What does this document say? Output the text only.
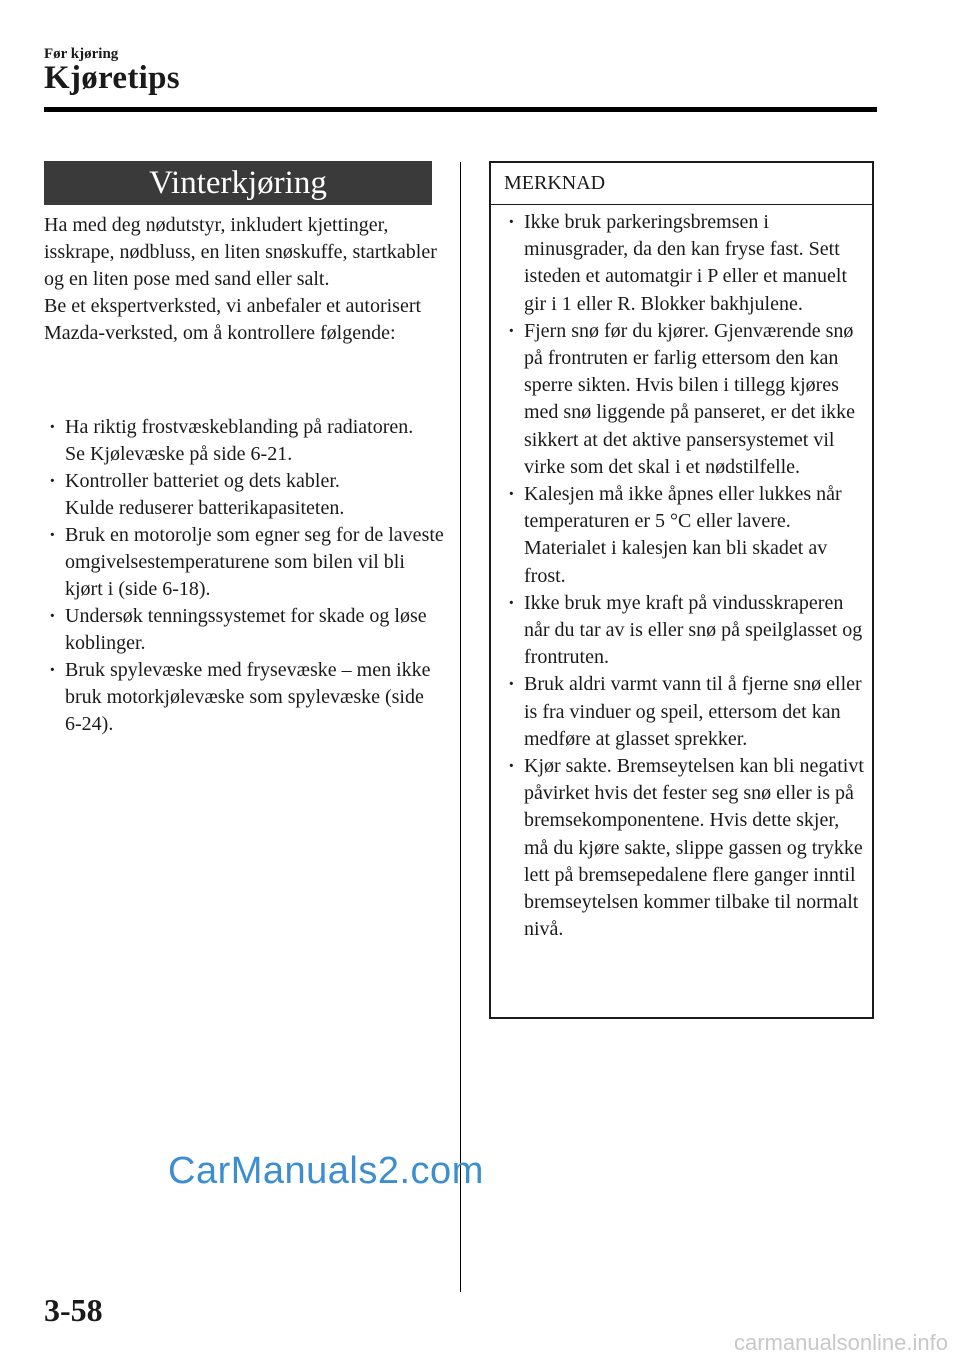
Før kjøring
Kjøretips
Vinterkjøring

Ha med deg nødutstyr, inkludert kjettinger, isskrape, nødbluss, en liten snøskuffe, startkabler og en liten pose med sand eller salt.

Be et ekspertverksted, vi anbefaler et autorisert Mazda-verksted, om å kontrollere følgende:

· Ha riktig frostvæskeblanding på radiatoren.
Se Kjølevæske på side 6-21.
· Kontroller batteriet og dets kabler.
Kulde reduserer batterikapasiteten.
· Bruk en motorolje som egner seg for de laveste omgivelsestemperaturene som bilen vil bli kjørt i (side 6-18).
· Undersøk tenningssystemet for skade og løse koblinger.
· Bruk spylevæske med frysevæske – men ikke bruk motorkjølevæske som spylevæske (side 6-24).
MERKNAD
· Ikke bruk parkeringsbremsen i minusgrader, da den kan fryse fast. Sett isteden et automatgir i P eller et manuelt gir i 1 eller R. Blokker bakhjulene.
· Fjern snø før du kjører. Gjenværende snø på frontruten er farlig ettersom den kan sperre sikten. Hvis bilen i tillegg kjøres med snø liggende på panseret, er det ikke sikkert at det aktive pansersystemet vil virke som det skal i et nødstilfelle.
· Kalesjen må ikke åpnes eller lukkes når temperaturen er 5 °C eller lavere. Materialet i kalesjen kan bli skadet av frost.
· Ikke bruk mye kraft på vindusskraperen når du tar av is eller snø på speilglasset og frontruten.
· Bruk aldri varmt vann til å fjerne snø eller is fra vinduer og speil, ettersom det kan medføre at glasset sprekker.
· Kjør sakte. Bremseytelsen kan bli negativt påvirket hvis det fester seg snø eller is på bremsekomponentene. Hvis dette skjer, må du kjøre sakte, slippe gassen og trykke lett på bremsepedalene flere ganger inntil bremseytelsen kommer tilbake til normalt nivå.
CarManuals2.com
3-58
carmanualsonline.info
